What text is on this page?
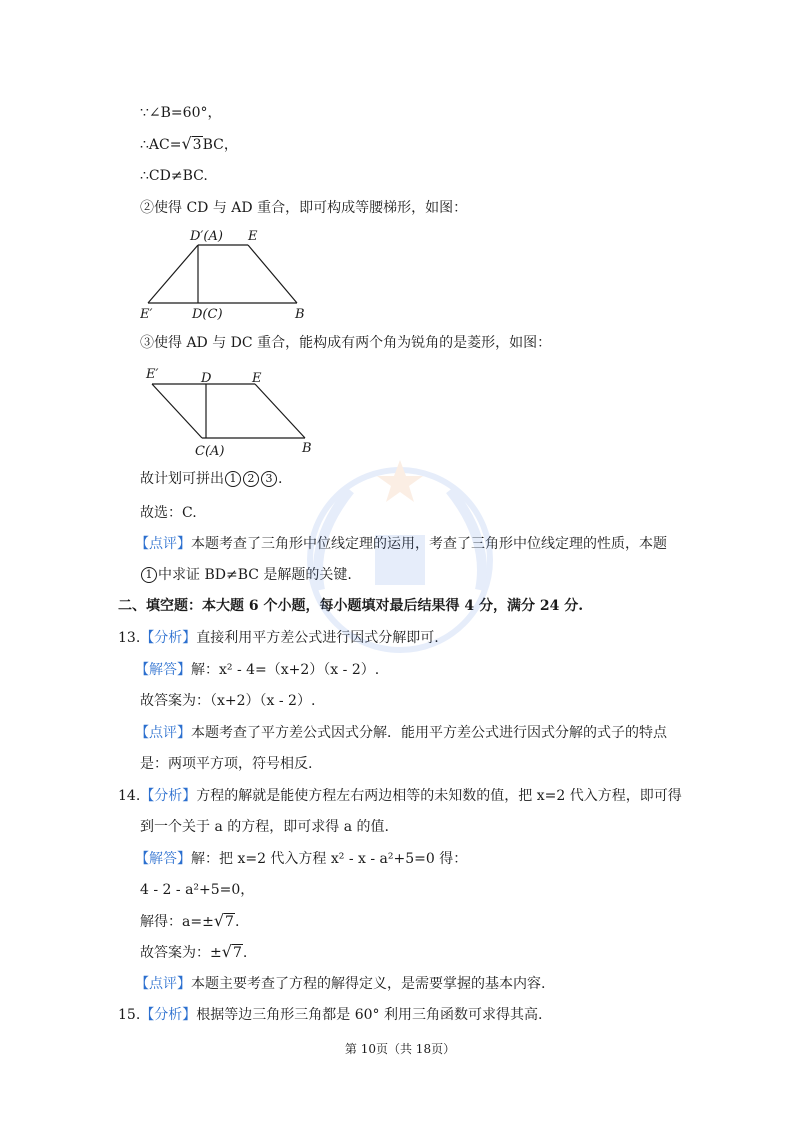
∵∠B=60°，
∴AC=√3BC，
∴CD≠BC.
②使得 CD 与 AD 重合，即可构成等腰梯形，如图：
D′(A) E
E′	D(C)	B
③使得 AD 与 DC 重合，能构成有两个角为锐角的是菱形，如图：
E′	D	E
C(A)	B
故计划可拼出 1 2 3 .
故选：C.
【 点评 】 本题考查了三角形中位线定理的运用，考查了三角形中位线定理的性质，本题
1 中求证 BD≠BC 是解题的关键.
二、填空题：本大题 6 个小题，每小题填对最后结果得 4 分，满分 24 分.
13. 【 分析 】 直接利用平方差公式进行因式分解即可.
【 解答 】 解：x² - 4=（x+2）（x - 2）.
故答案为：（x+2）（x - 2）.
【 点评 】 本题考查了平方差公式因式分解．能用平方差公式进行因式分解的式子的特点
是：两项平方项，符号相反.
14. 【 分析 】 方程的解就是能使方程左右两边相等的未知数的值，把 x=2 代入方程，即可得
到一个关于 a 的方程，即可求得 a 的值.
【 解答 】 解：把 x=2 代入方程 x² - x - a²+5=0 得：
4 - 2 - a²+5=0，
解得：a=±√7.
故答案为：±√7.
【 点评 】 本题主要考查了方程的解得定义，是需要掌握的基本内容.
15. 【 分析 】 根据等边三角形三角都是 60° 利用三角函数可求得其高.
第 10页（共 18页）
